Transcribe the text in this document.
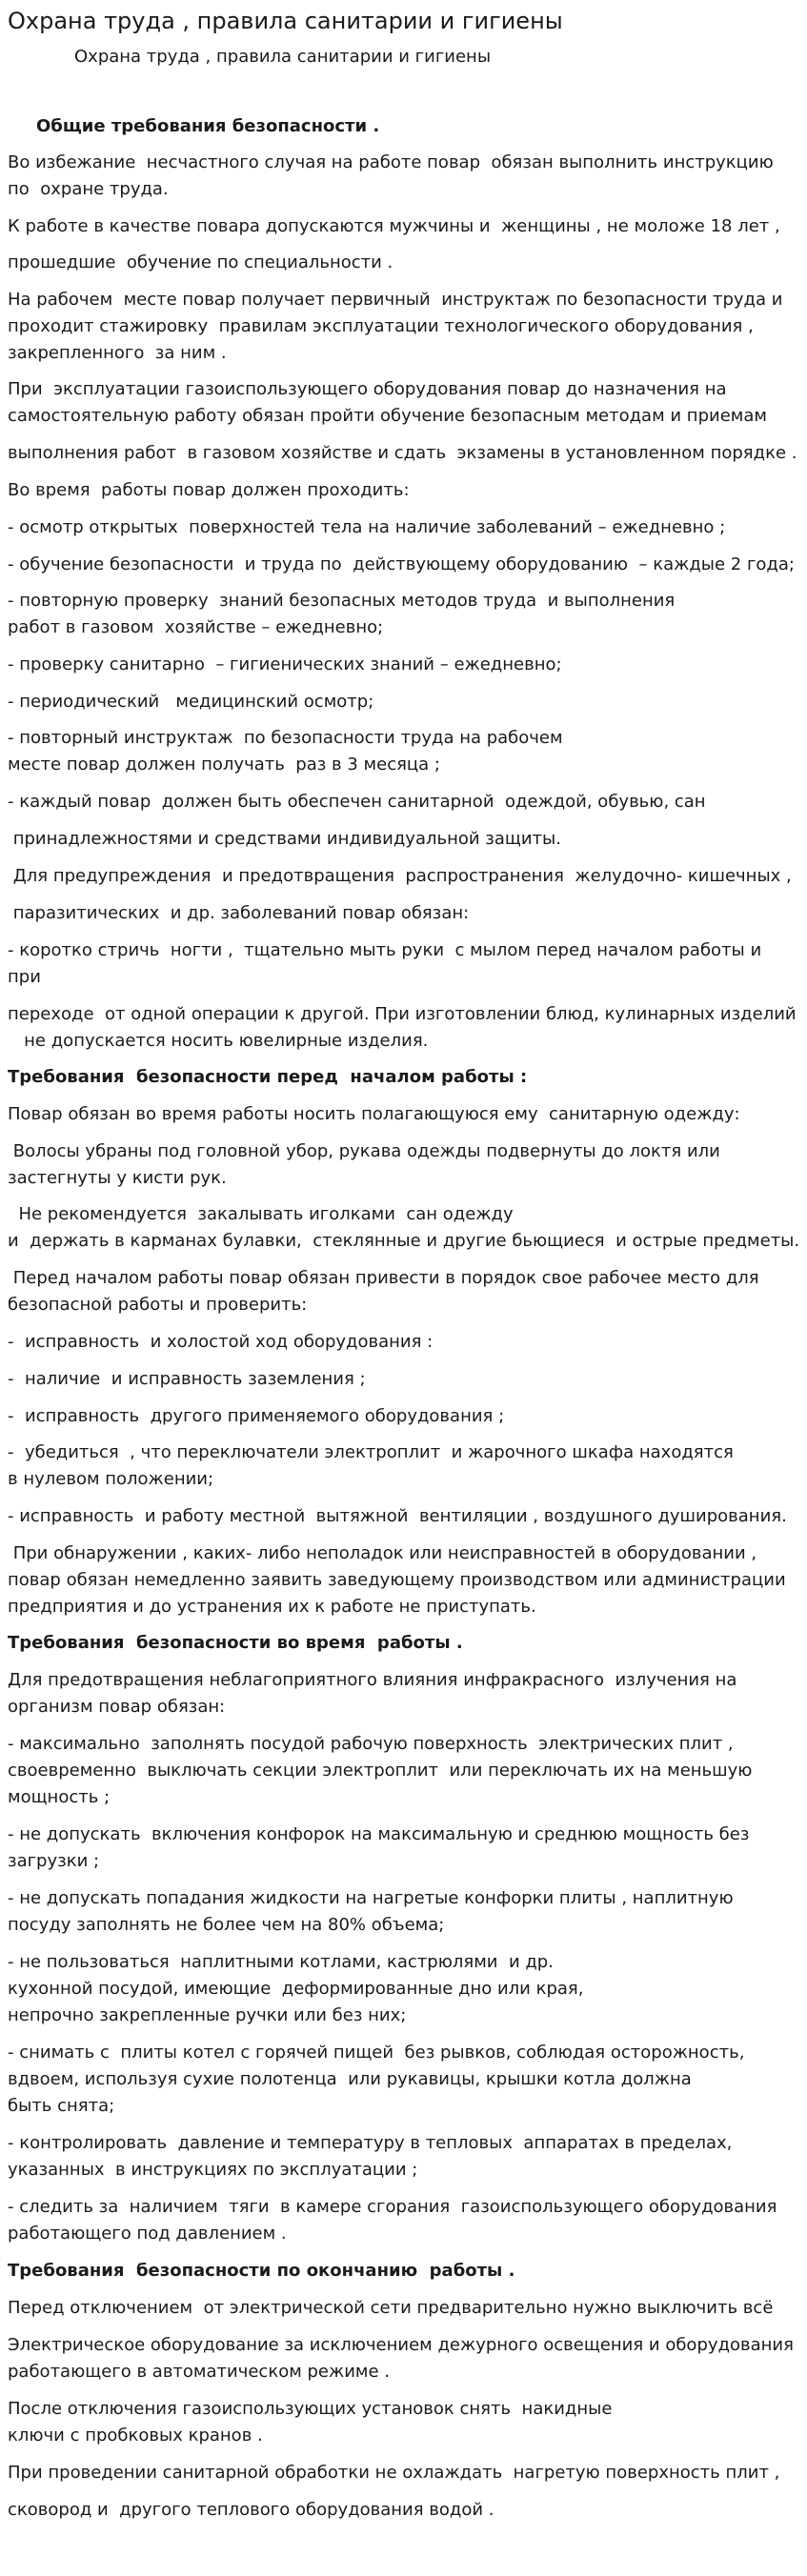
Охрана труда , правила санитарии и гигиены
Охрана труда , правила санитарии и гигиены
Общие требования безопасности .
Во избежание  несчастного случая на работе повар  обязан выполнить инструкцию
по  охране труда.
К работе в качестве повара допускаются мужчины и  женщины , не моложе 18 лет ,
прошедшие  обучение по специальности .
На рабочем  месте повар получает первичный  инструктаж по безопасности труда и
проходит стажировку  правилам эксплуатации технологического оборудования ,
закрепленного  за ним .
При  эксплуатации газоиспользующего оборудования повар до назначения на
самостоятельную работу обязан пройти обучение безопасным методам и приемам
выполнения работ  в газовом хозяйстве и сдать  экзамены в установленном порядке .
Во время  работы повар должен проходить:
- осмотр открытых  поверхностей тела на наличие заболеваний – ежедневно ;
- обучение безопасности  и труда по  действующему оборудованию  – каждые 2 года;
- повторную проверку  знаний безопасных методов труда  и выполнения
работ в газовом  хозяйстве – ежедневно;
- проверку санитарно  – гигиенических знаний – ежедневно;
- периодический   медицинский осмотр;
- повторный инструктаж  по безопасности труда на рабочем
месте повар должен получать  раз в 3 месяца ;
- каждый повар  должен быть обеспечен санитарной  одеждой, обувью, сан
принадлежностями и средствами индивидуальной защиты.
Для предупреждения  и предотвращения  распространения  желудочно- кишечных ,
паразитических  и др. заболеваний повар обязан:
- коротко стричь  ногти ,  тщательно мыть руки  с мылом перед началом работы и
при
переходе  от одной операции к другой. При изготовлении блюд, кулинарных изделий
не допускается носить ювелирные изделия.
Требования  безопасности перед  началом работы :
Повар обязан во время работы носить полагающуюся ему  санитарную одежду:
Волосы убраны под головной убор, рукава одежды подвернуты до локтя или
застегнуты у кисти рук.
Не рекомендуется  закалывать иголками  сан одежду
и  держать в карманах булавки,  стеклянные и другие бьющиеся  и острые предметы.
Перед началом работы повар обязан привести в порядок свое рабочее место для
безопасной работы и проверить:
-  исправность  и холостой ход оборудования :
-  наличие  и исправность заземления ;
-  исправность  другого применяемого оборудования ;
-  убедиться  , что переключатели электроплит  и жарочного шкафа находятся
в нулевом положении;
- исправность  и работу местной  вытяжной  вентиляции , воздушного душирования.
При обнаружении , каких- либо неполадок или неисправностей в оборудовании ,
повар обязан немедленно заявить заведующему производством или администрации
предприятия и до устранения их к работе не приступать.
Требования  безопасности во время  работы .
Для предотвращения неблагоприятного влияния инфракрасного  излучения на
организм повар обязан:
- максимально  заполнять посудой рабочую поверхность  электрических плит ,
своевременно  выключать секции электроплит  или переключать их на меньшую
мощность ;
- не допускать  включения конфорок на максимальную и среднюю мощность без
загрузки ;
- не допускать попадания жидкости на нагретые конфорки плиты , наплитную
посуду заполнять не более чем на 80% объема;
- не пользоваться  наплитными котлами, кастрюлями  и др.
кухонной посудой, имеющие  деформированные дно или края,
непрочно закрепленные ручки или без них;
- снимать с  плиты котел с горячей пищей  без рывков, соблюдая осторожность,
вдвоем, используя сухие полотенца  или рукавицы, крышки котла должна
быть снята;
- контролировать  давление и температуру в тепловых  аппаратах в пределах,
указанных  в инструкциях по эксплуатации ;
- следить за  наличием  тяги  в камере сгорания  газоиспользующего оборудования
работающего под давлением .
Требования  безопасности по окончанию  работы .
Перед отключением  от электрической сети предварительно нужно выключить всё
Электрическое оборудование за исключением дежурного освещения и оборудования
работающего в автоматическом режиме .
После отключения газоиспользующих установок снять  накидные
ключи с пробковых кранов .
При проведении санитарной обработки не охлаждать  нагретую поверхность плит ,
сковород и  другого теплового оборудования водой .
